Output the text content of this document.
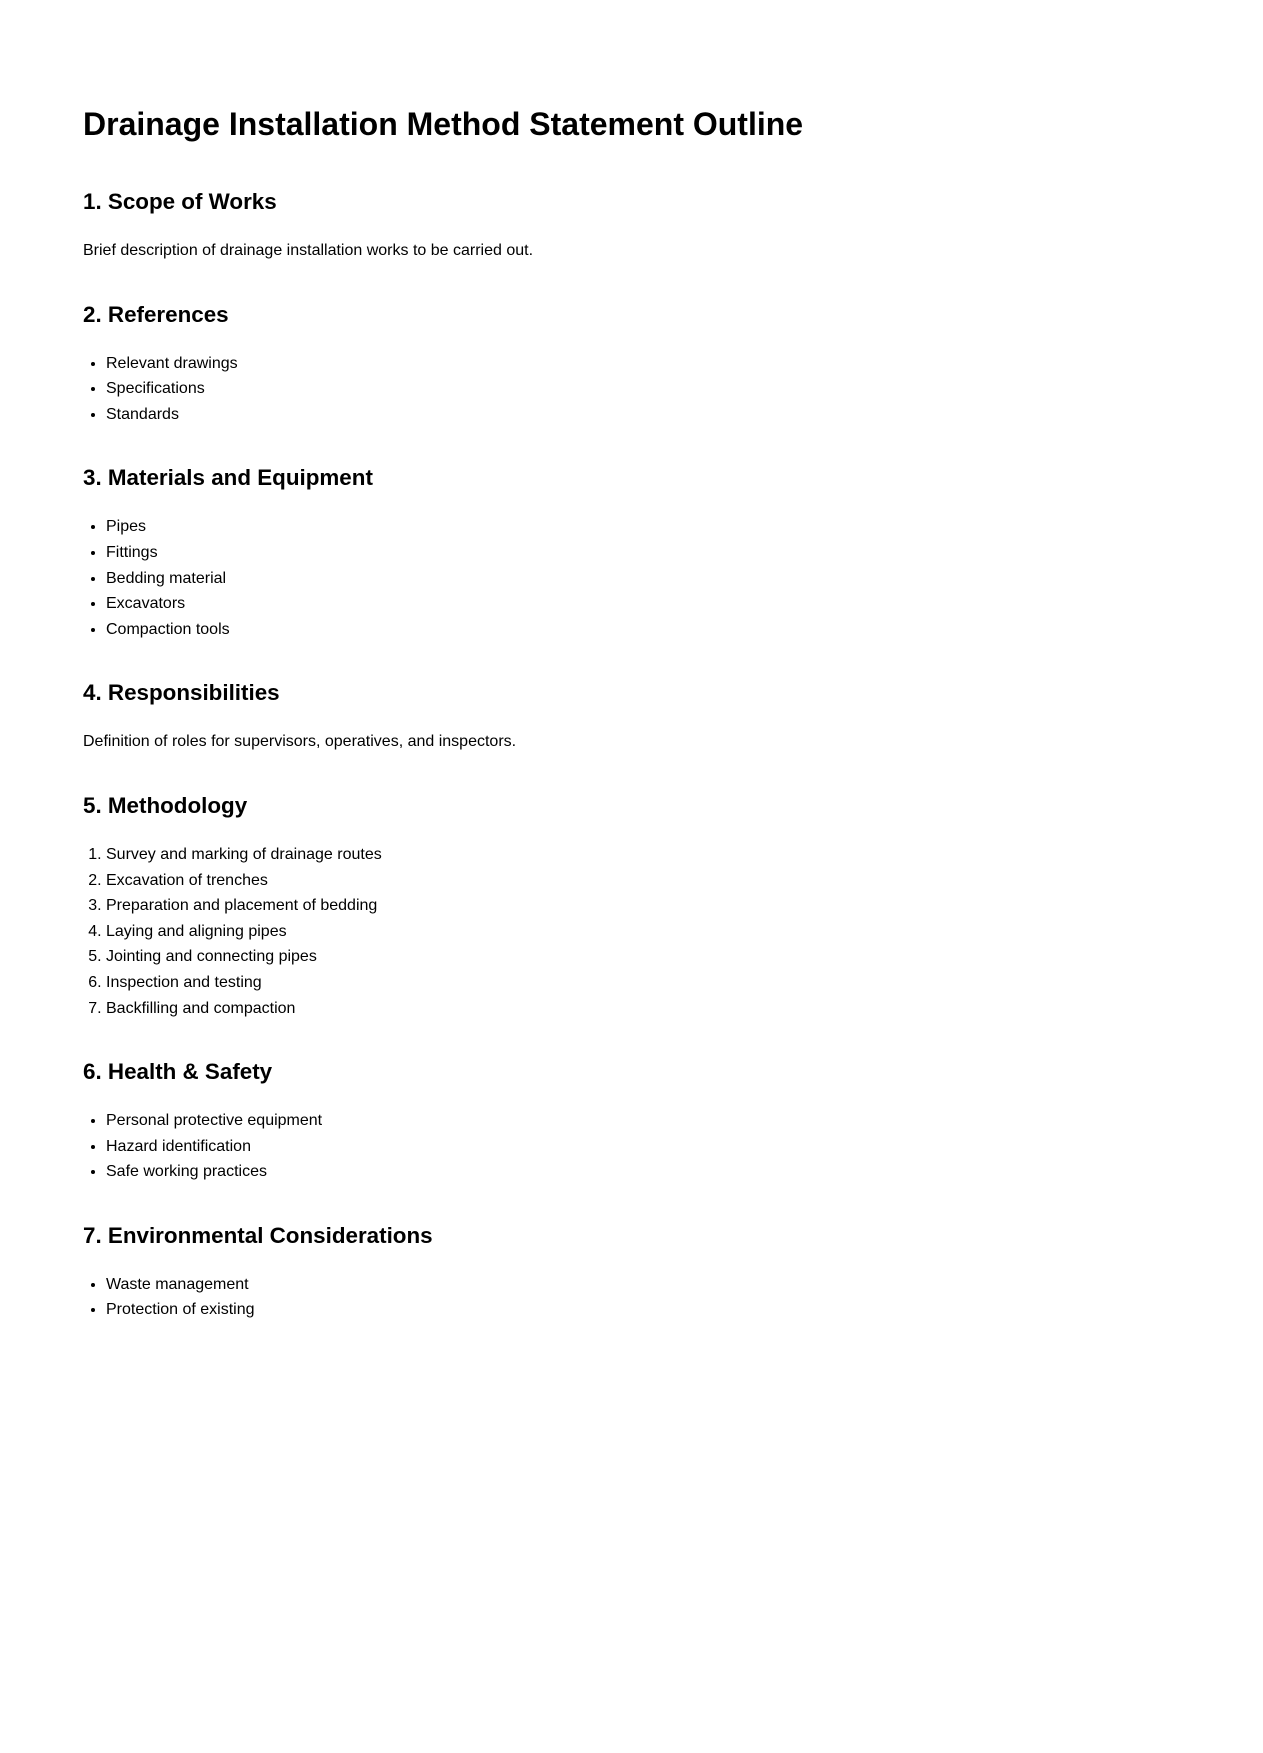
Drainage Installation Method Statement Outline
1. Scope of Works

Brief description of drainage installation works to be carried out.

2. References
• Relevant drawings
• Specifications
• Standards
3. Materials and Equipment
• Pipes
• Fittings
• Bedding material
• Excavators
• Compaction tools
4. Responsibilities

Definition of roles for supervisors, operatives, and inspectors.

5. Methodology
1. Survey and marking of drainage routes
2. Excavation of trenches
3. Preparation and placement of bedding
4. Laying and aligning pipes
5. Jointing and connecting pipes
6. Inspection and testing
7. Backfilling and compaction
6. Health & Safety
• Personal protective equipment
• Hazard identification
• Safe working practices
7. Environmental Considerations
• Waste management
• Protection of existing
